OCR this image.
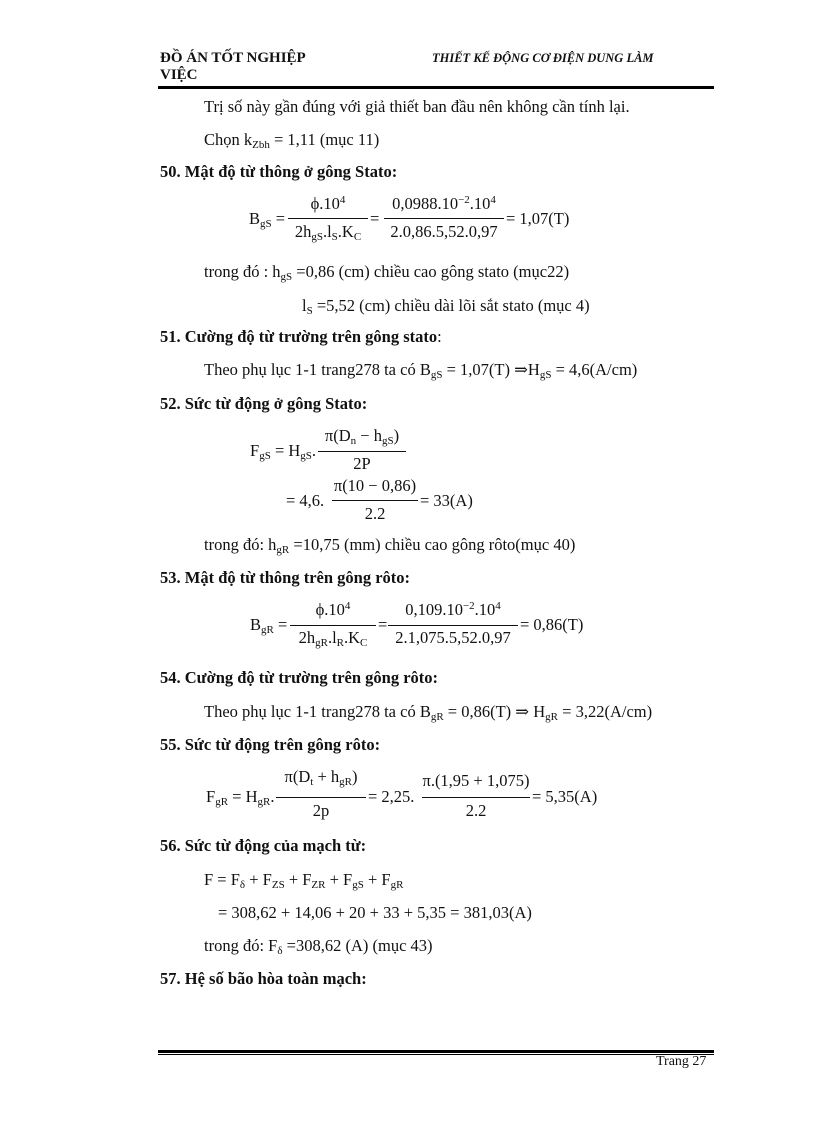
ĐỒ ÁN TỐT NGHIỆP
VIỆC
THIẾT KẾ ĐỘNG CƠ ĐIỆN DUNG LÀM
Trị số này gần đúng với giả thiết ban đầu nên không cần tính lại.
Chọn $k_{Zbh} = 1,11$ (mục 11)
50. Mật độ từ thông ở gông Stato:
$B_{gS}$ =
$\phi.10^4$
$2h_{gS}.l_S.K_C$
=
$0,0988.10^{-2}.10^4$
2.0,86.5,52.0,97
= 1,07(T)
trong đó : $h_{gS} =0,86$ (cm) chiều cao gông stato (mục22)
$l_S =5,52$ (cm) chiều dài lõi sắt stato (mục 4)
51. Cường độ từ trường trên gông stato:
Theo phụ lục 1-1 trang278 ta có $B_{gS} = 1,07(T)$ $\Rightarrow H_{gS} = 4,6(A/cm)$
52. Sức từ động ở gông Stato:
$F_{gS} = H_{gS}$.
$\pi(D_n - h_{gS})$
2P
= 4,6.
π(10 − 0,86)
2.2
= 33(A)
trong đó: $h_{gR} =10,75$ (mm) chiều cao gông rôto(mục 40)
53. Mật độ từ thông trên gông rôto:
$B_{gR}$ =
$\phi.10^4$
$2h_{gR}.l_R.K_C$
=
$0,109.10^{-2}.10^4$
2.1,075.5,52.0,97
= 0,86(T)
54. Cường độ từ trường trên gông rôto:
Theo phụ lục 1-1 trang278 ta có $B_{gR} = 0,86(T)$ ⇒ $H_{gR} = 3,22(A/cm)$
55. Sức từ động trên gông rôto:
$F_{gR} = H_{gR}$.
$\pi(D_t + h_{gR})$
2p
= 2,25.
π.(1,95 + 1,075)
2.2
= 5,35(A)
56. Sức từ động của mạch từ:
$F = F_\delta + F_{ZS} + F_{ZR} + F_{gS} + F_{gR}$
= 308,62 + 14,06 + 20 + 33 + 5,35 = 381,03(A)
trong đó: $F_\delta =308,62$ (A) (mục 43)
57. Hệ số bão hòa toàn mạch:
Trang 27
